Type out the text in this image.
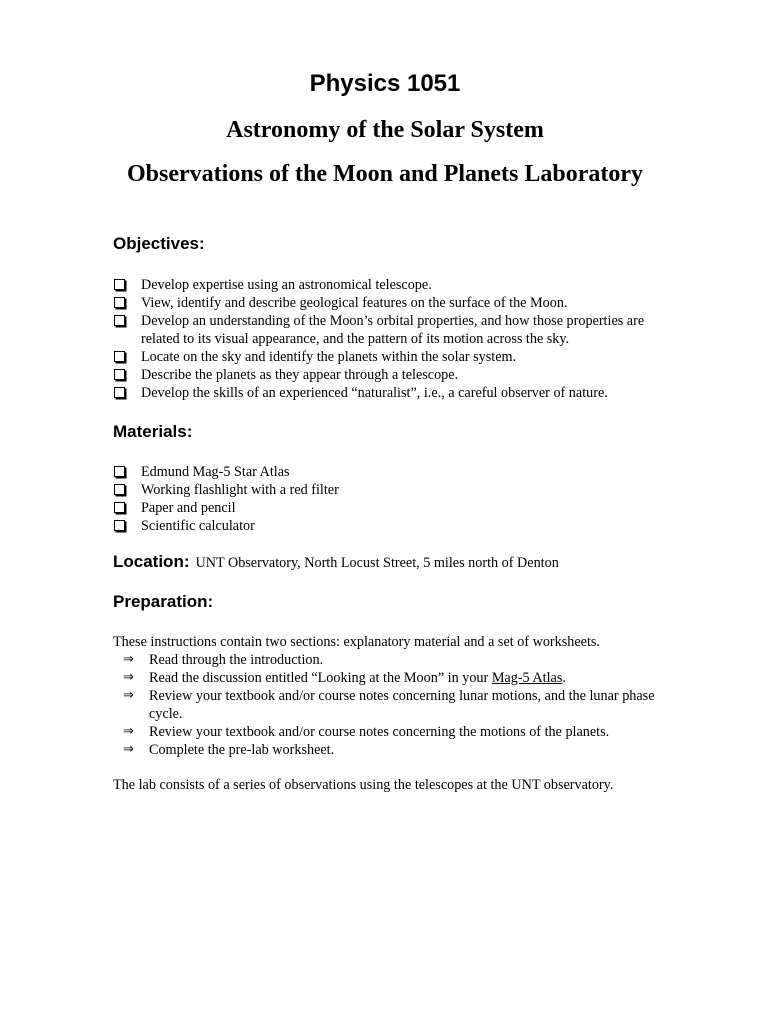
Physics 1051
Astronomy of the Solar System
Observations of the Moon and Planets Laboratory
Objectives:
Develop expertise using an astronomical telescope.
View, identify and describe geological features on the surface of the Moon.
Develop an understanding of the Moon’s orbital properties, and how those properties are related to its visual appearance, and the pattern of its motion across the sky.
Locate on the sky and identify the planets within the solar system.
Describe the planets as they appear through a telescope.
Develop the skills of an experienced “naturalist”, i.e., a careful observer of nature.
Materials:
Edmund Mag-5 Star Atlas
Working flashlight with a red filter
Paper and pencil
Scientific calculator

Location: UNT Observatory, North Locust Street, 5 miles north of Denton

Preparation:

These instructions contain two sections: explanatory material and a set of worksheets.

⇒ Read through the introduction.
⇒ Read the discussion entitled “Looking at the Moon” in your Mag-5 Atlas.
⇒ Review your textbook and/or course notes concerning lunar motions, and the lunar phase cycle.
⇒ Review your textbook and/or course notes concerning the motions of the planets.
⇒ Complete the pre-lab worksheet.

The lab consists of a series of observations using the telescopes at the UNT observatory.
